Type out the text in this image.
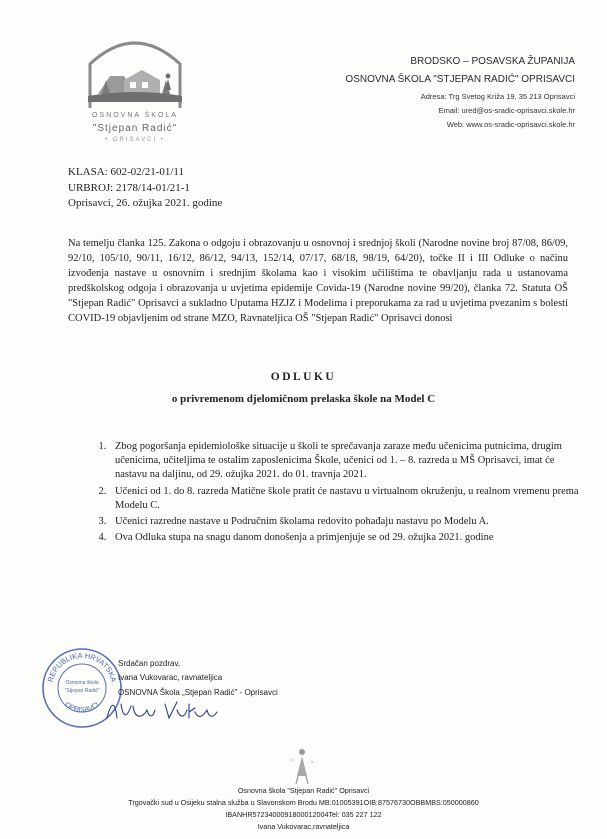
OSNOVNA ŠKOLA
"Stjepan Radić"
• ORISAVCI •
BRODSKO – POSAVSKA ŽUPANIJA
OSNOVNA ŠKOLA "STJEPAN RADIĆ" OPRISAVCI
Adresa: Trg Svetog Križa 19, 35 213 Oprisavci
Email: ured@os-sradic-oprisavci.skole.hr
Web: www.os-sradic-oprisavci.skole.hr
KLASA: 602-02/21-01/11
URBROJ: 2178/14-01/21-1
Oprisavci, 26. ožujka 2021. godine
Na temelju članka 125. Zakona o odgoju i obrazovanju u osnovnoj i srednjoj školi (Narodne novine broj 87/08, 86/09, 92/10, 105/10, 90/11, 16/12, 86/12, 94/13, 152/14, 07/17, 68/18, 98/19, 64/20), točke II i III Odluke o načinu izvođenja nastave u osnovnim i srednjim školama kao i visokim učilištima te obavljanju rada u ustanovama predškolskog odgoja i obrazovanja u uvjetima epidemije Covida-19 (Narodne novine 99/20), članka 72. Statuta OŠ "Stjepan Radić" Oprisavci a sukladno Uputama HZJZ i Modelima i preporukama za rad u uvjetima pvezanim s bolesti COVID-19 objavljenim od strane MZO, Ravnateljica OŠ "Stjepan Radić" Oprisavci donosi
ODLUKU
o privremenom djelomičnom prelaska škole na Model C
1. Zbog pogoršanja epidemiološke situacije u školi te sprečavanja zaraze među učenicima putnicima, drugim učenicima, učiteljima te ostalim zaposlenicima Škole, učenici od 1. – 8. razreda u MŠ Oprisavci, imat će nastavu na daljinu, od 29. ožujka 2021. do 01. travnja 2021.
2. Učenici od 1. do 8. razreda Matične škole pratit će nastavu u virtualnom okruženju, u realnom vremenu prema Modelu C.
3. Učenici razredne nastave u Područnim školama redovito pohađaju nastavu po Modelu A.
4. Ova Odluka stupa na snagu danom donošenja a primjenjuje se od 29. ožujka 2021. godine
REPUBLIKA HRVATSKA
OPRISAVCI
Osnovna škola
"Stjepan Radić"
Srdačan pozdrav,
Ivana Vukovarac, ravnateljica
OSNOVNA Škola „Stjepan Radić" - Oprisavci
Osnovna škola "Stjepan Radić" Oprisavci
Trgovački sud u Osijeku stalna služba u Slavonskom Brodu MB:01005391OIB:87576730OBBMBS:050000860
IBANHR5723400091800012004Tel: 035 227 122
Ivana Vukovarac,ravnateljica
